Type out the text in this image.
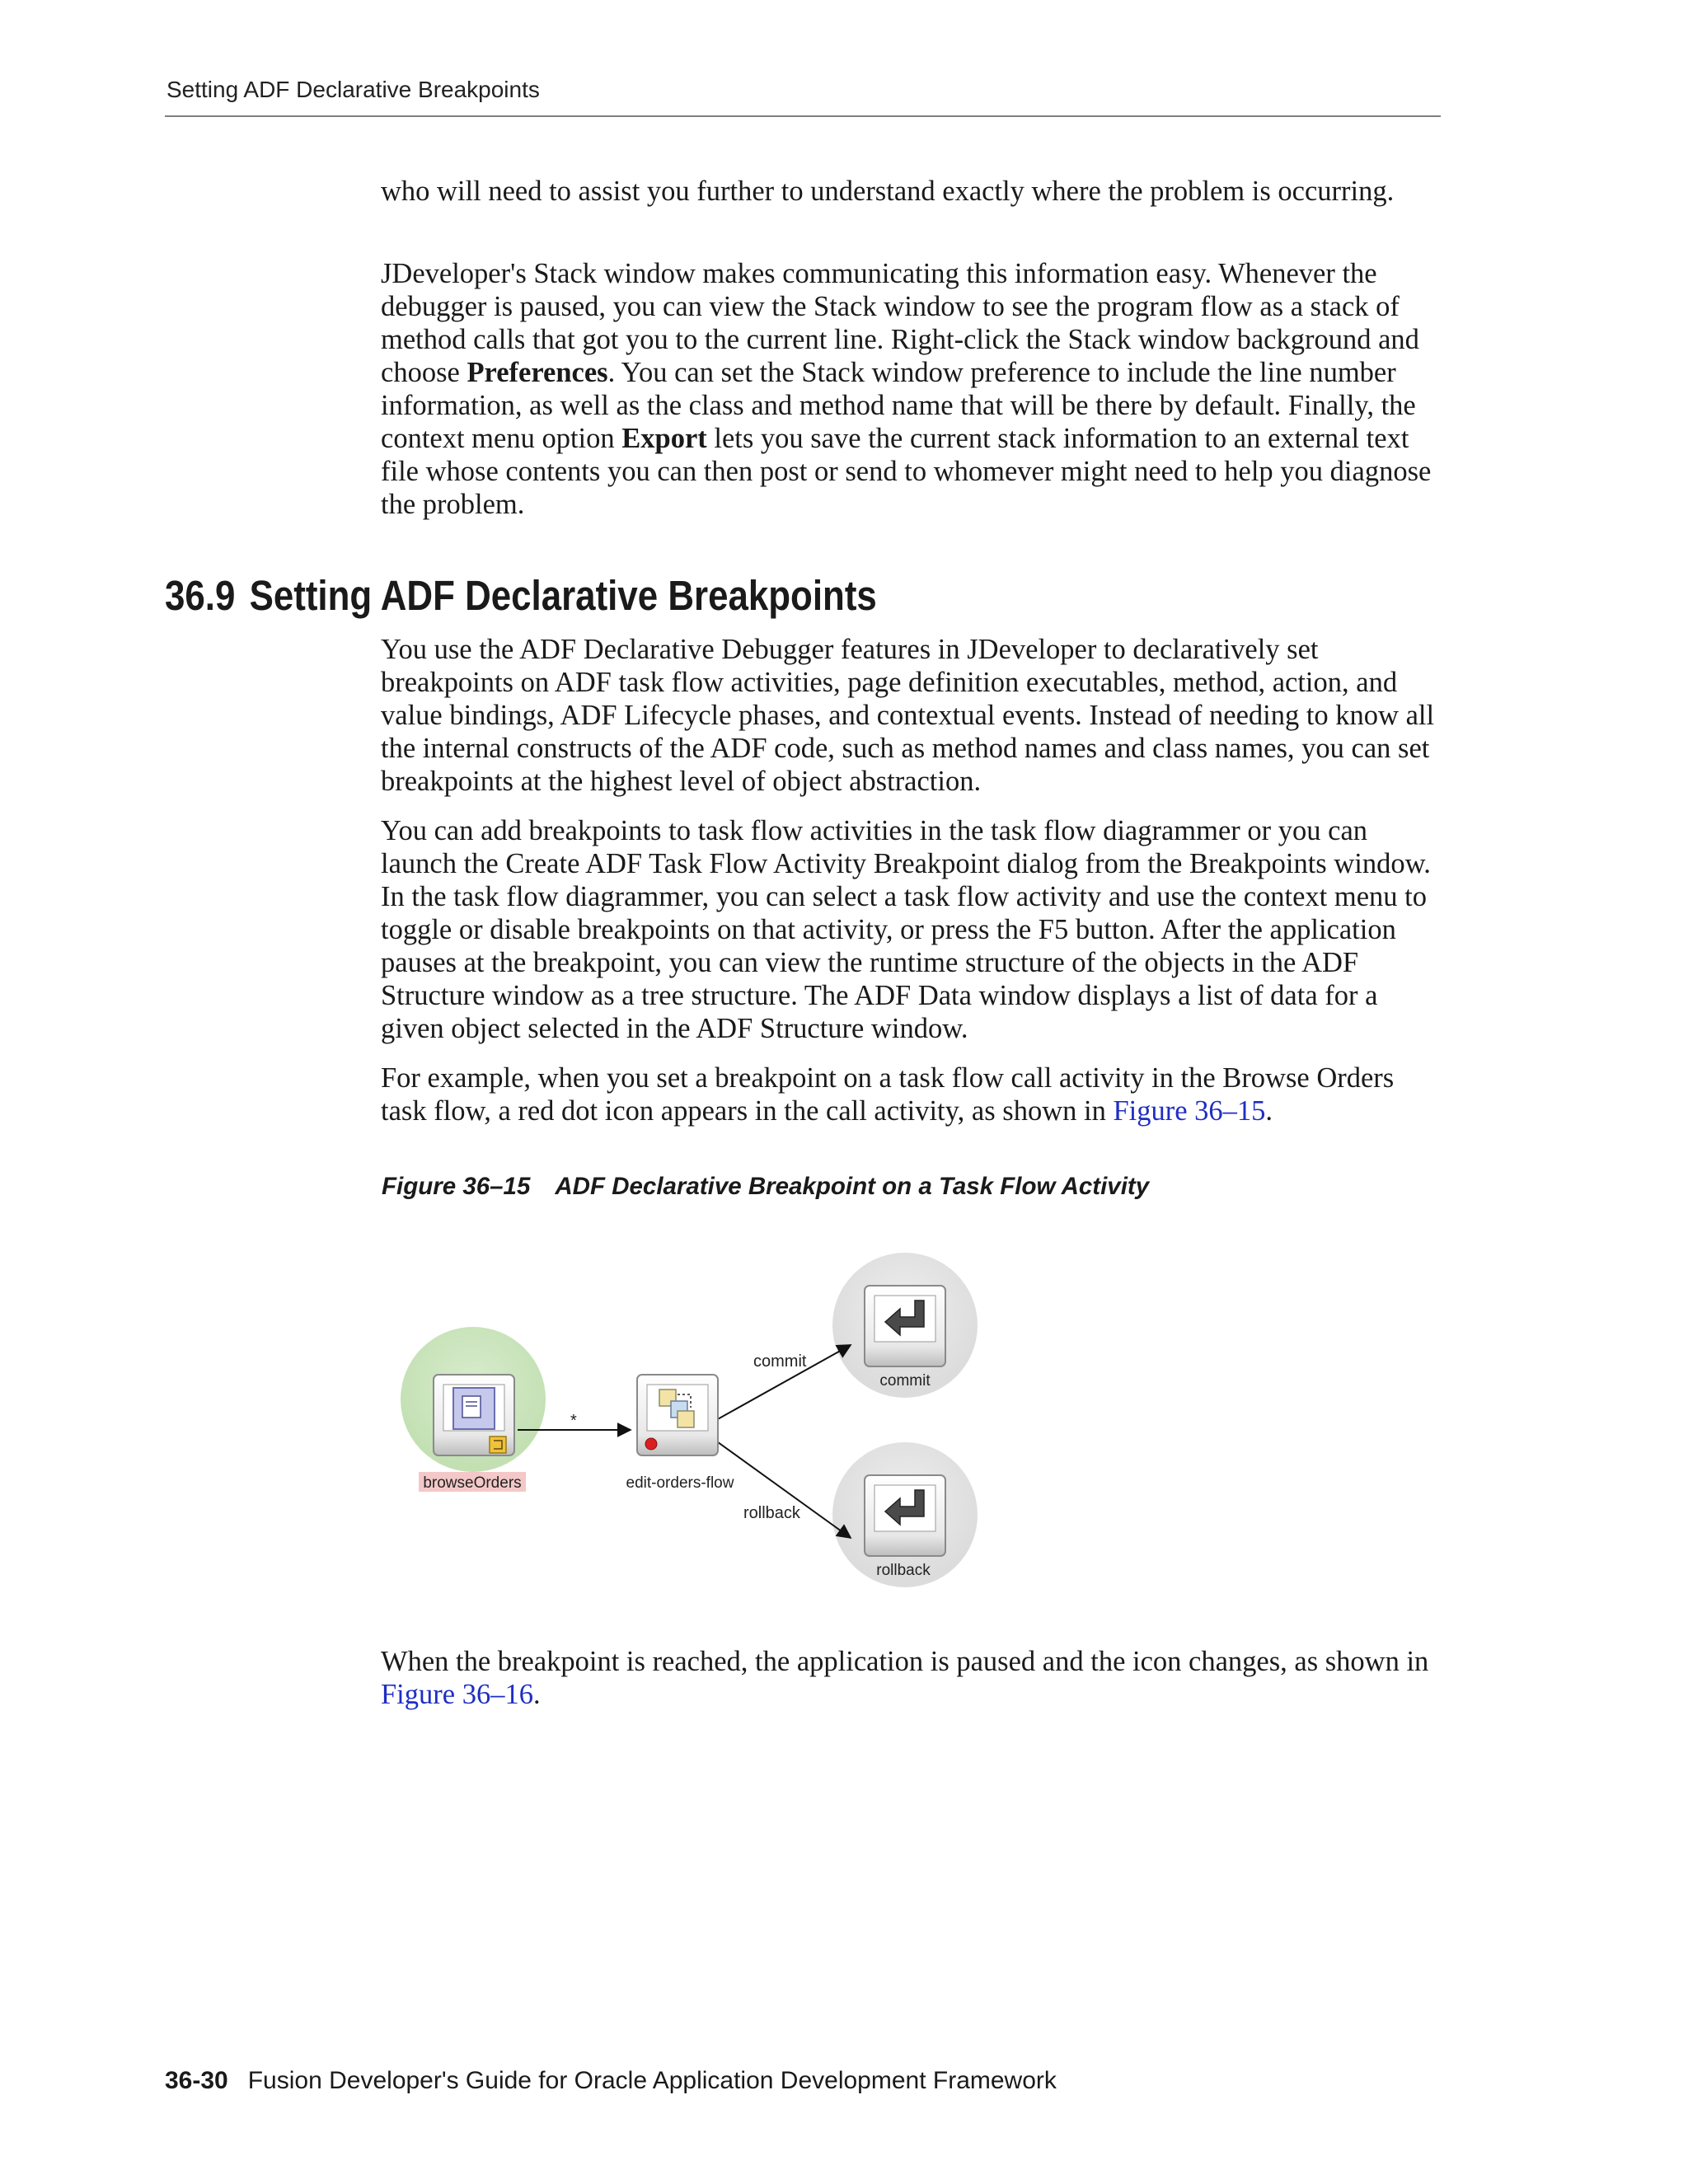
Setting ADF Declarative Breakpoints

who will need to assist you further to understand exactly where the problem is occurring.

JDeveloper's Stack window makes communicating this information easy. Whenever the debugger is paused, you can view the Stack window to see the program flow as a stack of method calls that got you to the current line. Right-click the Stack window background and choose Preferences. You can set the Stack window preference to include the line number information, as well as the class and method name that will be there by default. Finally, the context menu option Export lets you save the current stack information to an external text file whose contents you can then post or send to whomever might need to help you diagnose the problem.

36.9 Setting ADF Declarative Breakpoints

You use the ADF Declarative Debugger features in JDeveloper to declaratively set breakpoints on ADF task flow activities, page definition executables, method, action, and value bindings, ADF Lifecycle phases, and contextual events. Instead of needing to know all the internal constructs of the ADF code, such as method names and class names, you can set breakpoints at the highest level of object abstraction.

You can add breakpoints to task flow activities in the task flow diagrammer or you can launch the Create ADF Task Flow Activity Breakpoint dialog from the Breakpoints window. In the task flow diagrammer, you can select a task flow activity and use the context menu to toggle or disable breakpoints on that activity, or press the F5 button. After the application pauses at the breakpoint, you can view the runtime structure of the objects in the ADF Structure window as a tree structure. The ADF Data window displays a list of data for a given object selected in the ADF Structure window.

For example, when you set a breakpoint on a task flow call activity in the Browse Orders task flow, a red dot icon appears in the call activity, as shown in Figure 36–15.

Figure 36–15 ADF Declarative Breakpoint on a Task Flow Activity
*
commit
rollback
browseOrders	edit-orders-flow
commit
rollback

When the breakpoint is reached, the application is paused and the icon changes, as shown in Figure 36–16.

36-30 Fusion Developer's Guide for Oracle Application Development Framework
